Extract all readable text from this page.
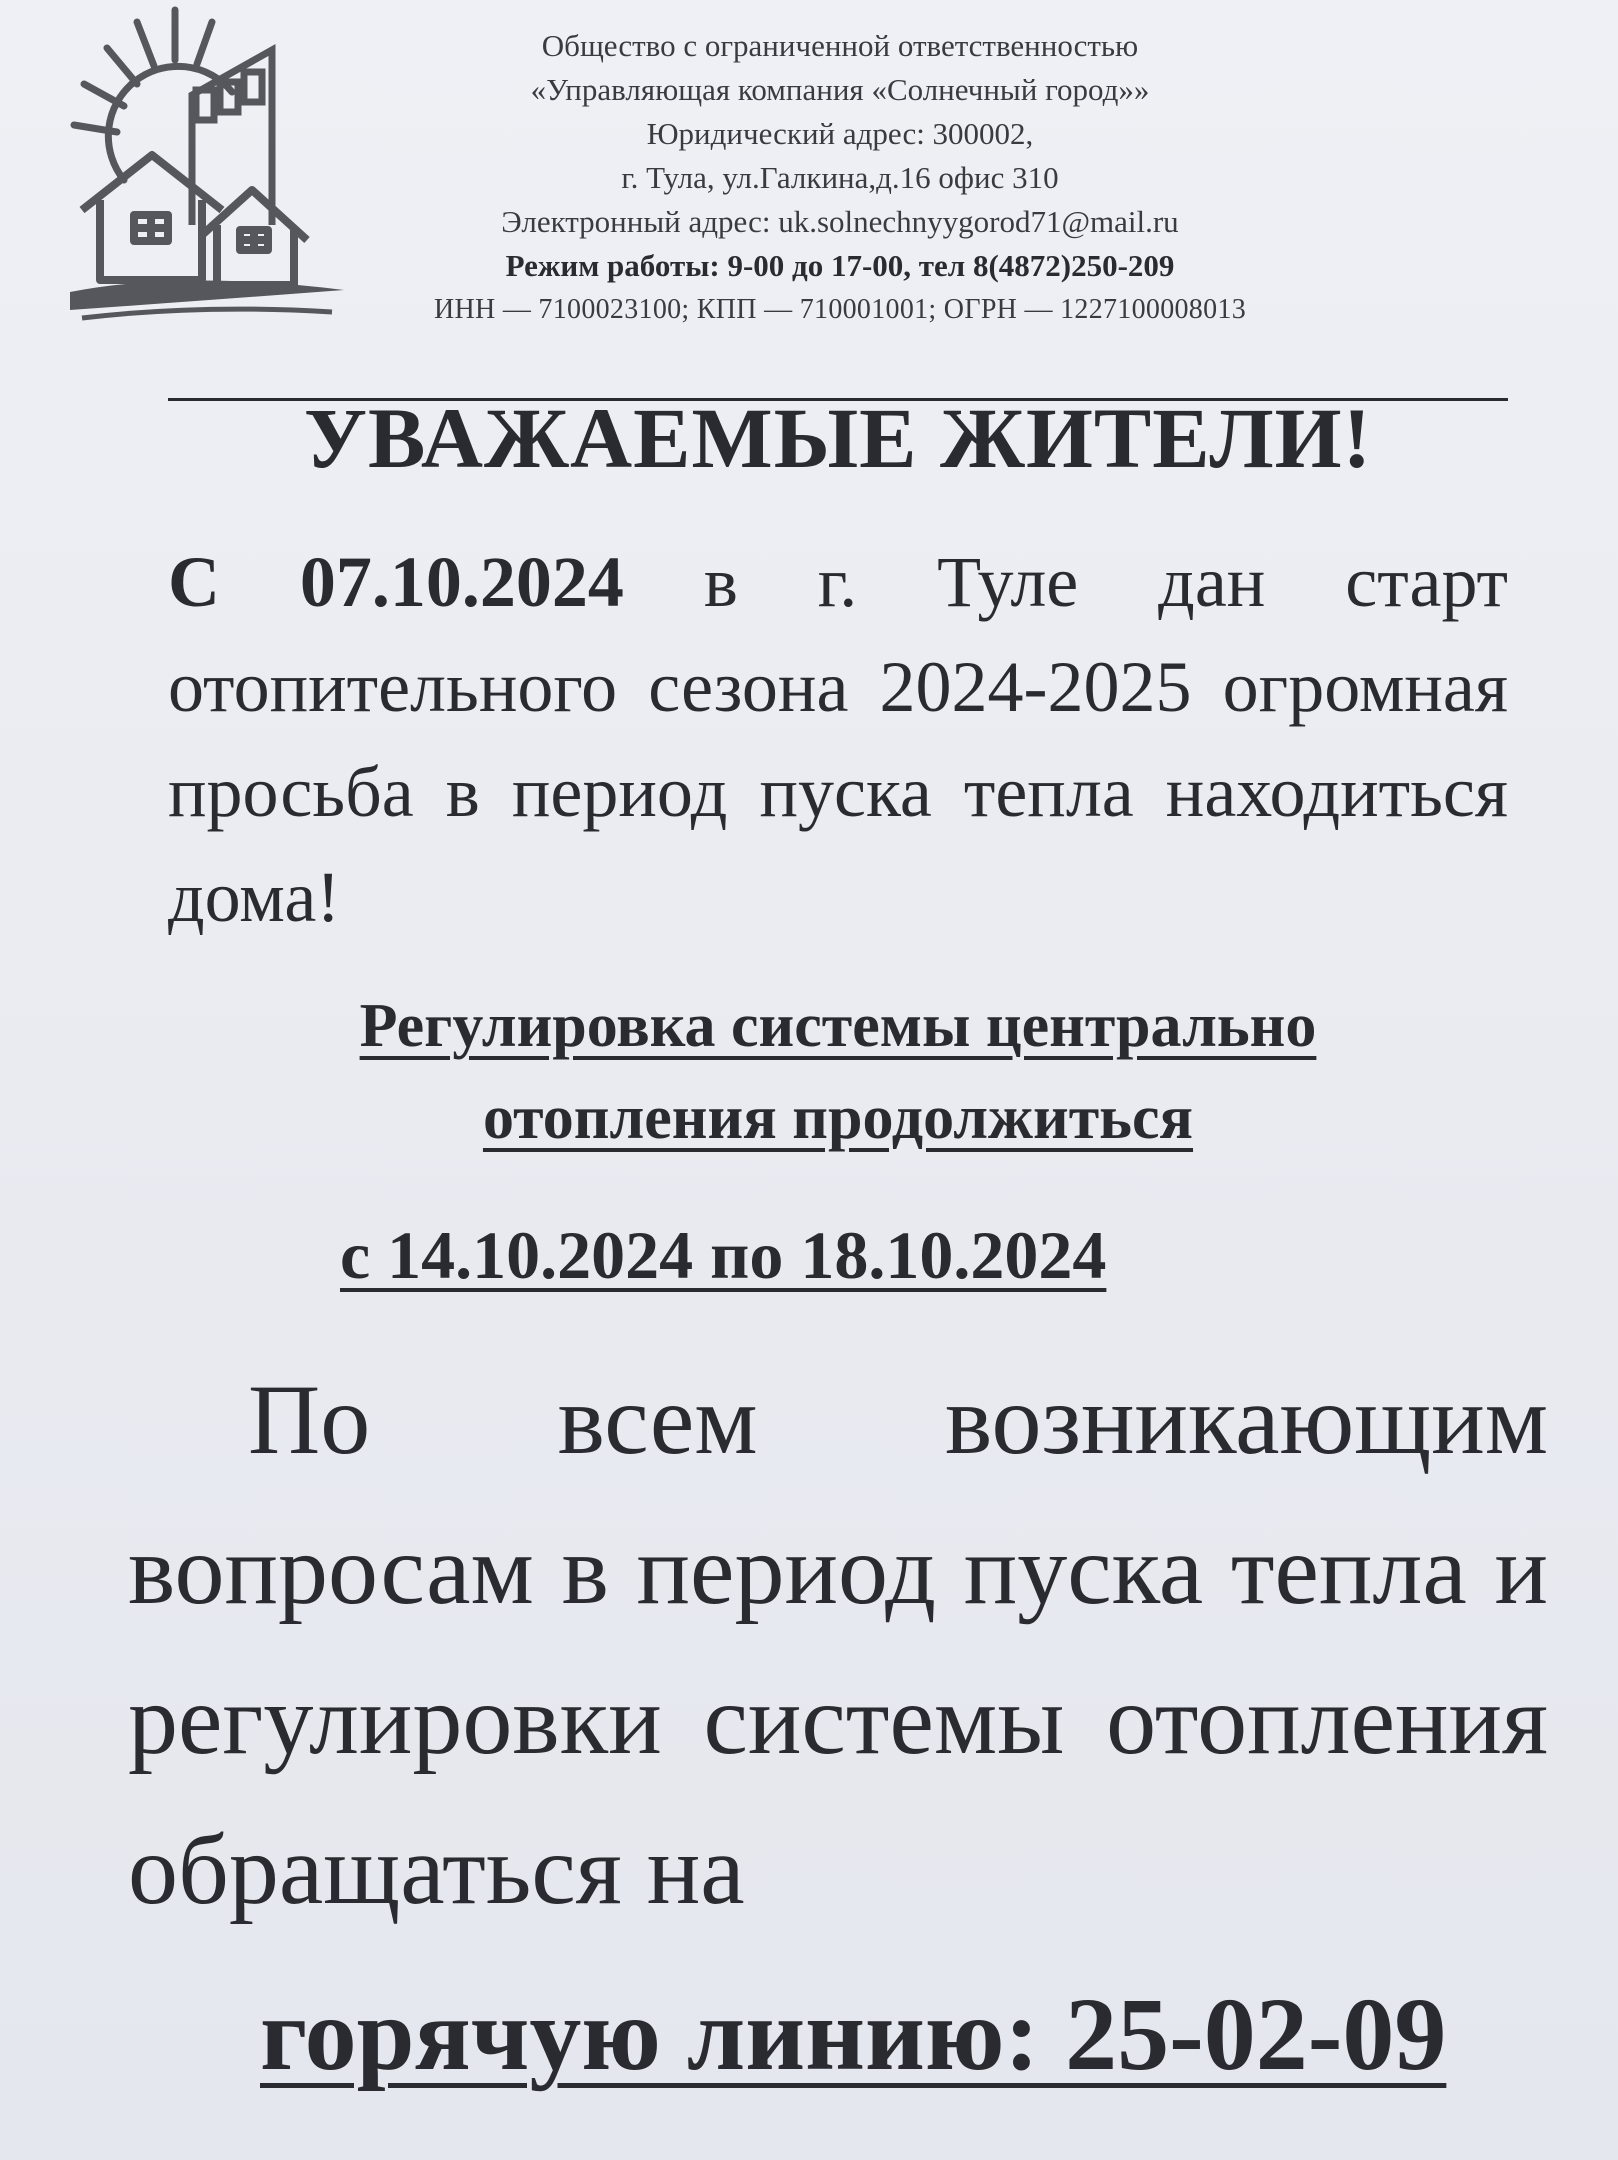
Общество с ограниченной ответственностью
«Управляющая компания «Солнечный город»»
Юридический адрес: 300002,
г. Тула, ул.Галкина,д.16 офис 310
Электронный адрес: uk.solnechnyygorod71@mail.ru
Режим работы: 9-00 до 17-00, тел 8(4872)250-209
ИНН — 7100023100; КПП — 710001001; ОГРН — 1227100008013
УВАЖАЕМЫЕ ЖИТЕЛИ!
С 07.10.2024 в г. Туле дан старт отопительного сезона 2024-2025 огромная просьба в период пуска тепла находиться дома!
Регулировка системы центрально
отопления продолжиться
с 14.10.2024 по 18.10.2024
По всем возникающим вопросам в период пуска тепла и регулировки системы отопления обращаться на
горячую линию: 25-02-09
